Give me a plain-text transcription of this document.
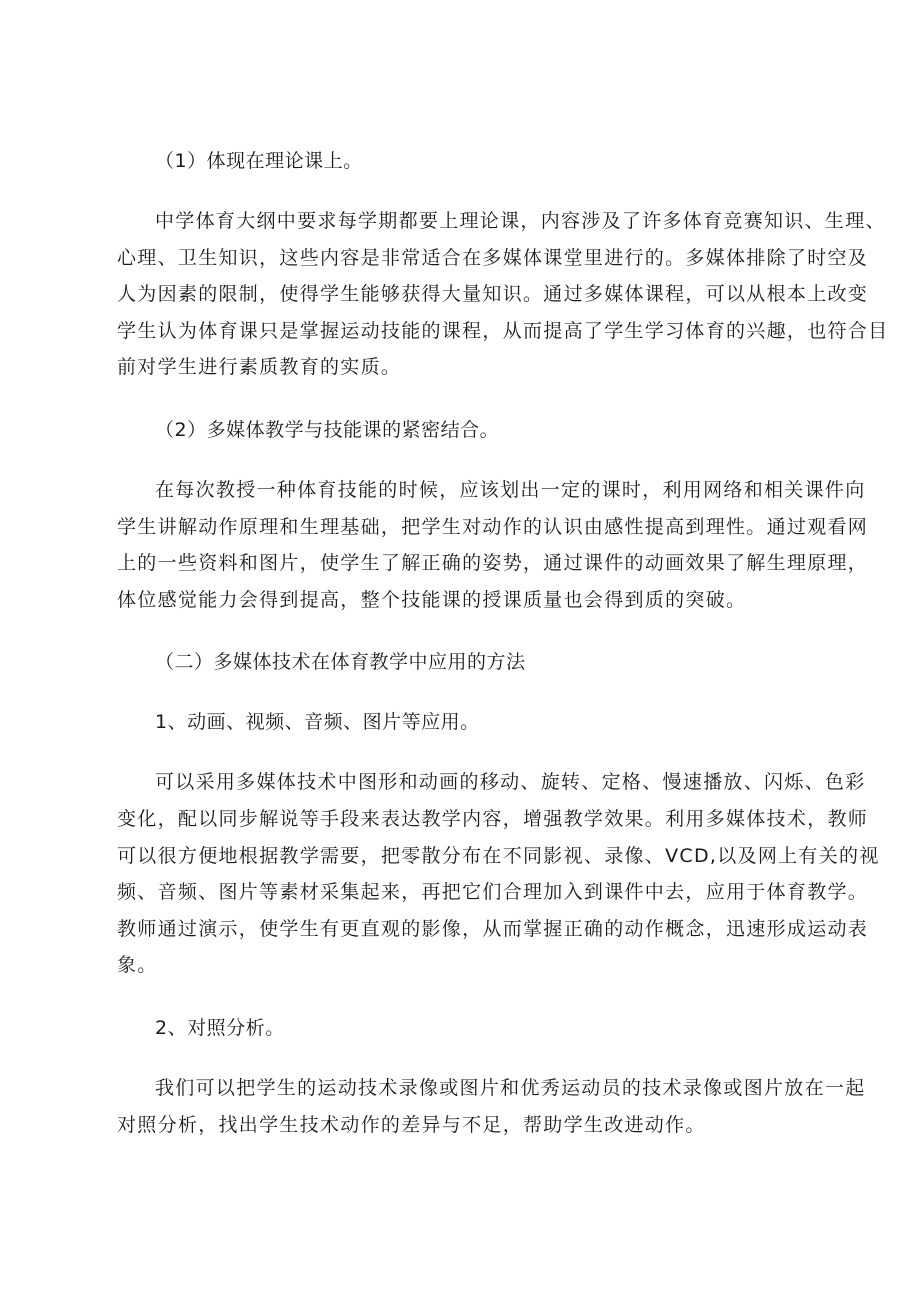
（1）体现在理论课上。

中学体育大纲中要求每学期都要上理论课，内容涉及了许多体育竞赛知识、生理、
心理、卫生知识，这些内容是非常适合在多媒体课堂里进行的。多媒体排除了时空及
人为因素的限制，使得学生能够获得大量知识。通过多媒体课程，可以从根本上改变
学生认为体育课只是掌握运动技能的课程，从而提高了学生学习体育的兴趣，也符合目
前对学生进行素质教育的实质。

（2）多媒体教学与技能课的紧密结合。

在每次教授一种体育技能的时候，应该划出一定的课时，利用网络和相关课件向
学生讲解动作原理和生理基础，把学生对动作的认识由感性提高到理性。通过观看网
上的一些资料和图片，使学生了解正确的姿势，通过课件的动画效果了解生理原理，
体位感觉能力会得到提高，整个技能课的授课质量也会得到质的突破。

（二）多媒体技术在体育教学中应用的方法

1、动画、视频、音频、图片等应用。

可以采用多媒体技术中图形和动画的移动、旋转、定格、慢速播放、闪烁、色彩
变化，配以同步解说等手段来表达教学内容，增强教学效果。利用多媒体技术，教师
可以很方便地根据教学需要，把零散分布在不同影视、录像、VCD,以及网上有关的视
频、音频、图片等素材采集起来，再把它们合理加入到课件中去，应用于体育教学。
教师通过演示，使学生有更直观的影像，从而掌握正确的动作概念，迅速形成运动表
象。

2、对照分析。

我们可以把学生的运动技术录像或图片和优秀运动员的技术录像或图片放在一起
对照分析，找出学生技术动作的差异与不足，帮助学生改进动作。
